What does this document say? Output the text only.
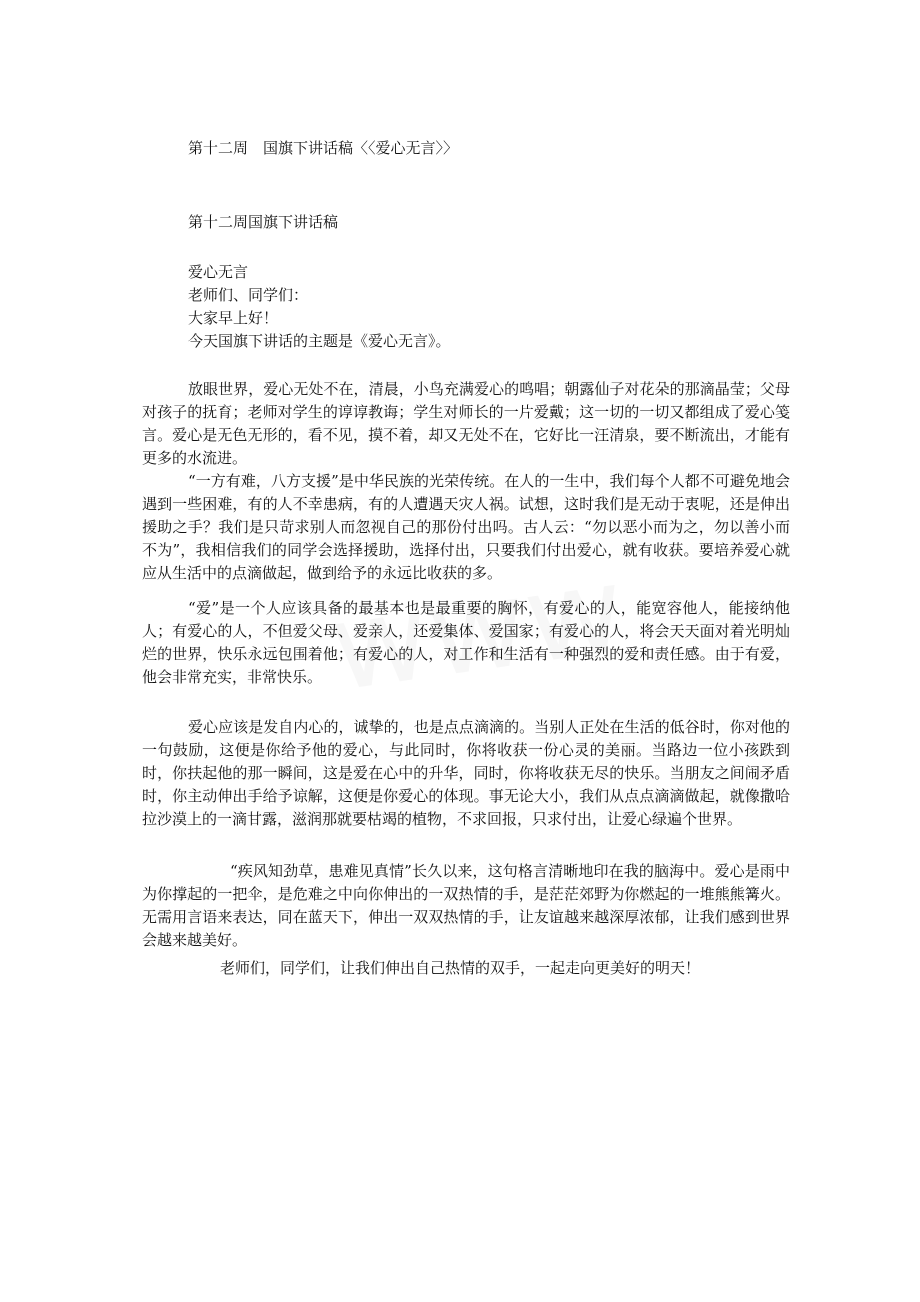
第十二周　国旗下讲话稿〈〈爱心无言〉〉
第十二周国旗下讲话稿
爱心无言
老师们、同学们：
大家早上好！
今天国旗下讲话的主题是《爱心无言》。

放眼世界，爱心无处不在，清晨，小鸟充满爱心的鸣唱；朝露仙子对花朵的那滴晶莹；父母对孩子的抚育；老师对学生的谆谆教诲；学生对师长的一片爱戴；这一切的一切又都组成了爱心笺言。爱心是无色无形的，看不见，摸不着，却又无处不在，它好比一汪清泉，要不断流出，才能有更多的水流进。

“一方有难，八方支援”是中华民族的光荣传统。在人的一生中，我们每个人都不可避免地会遇到一些困难，有的人不幸患病，有的人遭遇天灾人祸。试想，这时我们是无动于衷呢，还是伸出援助之手？我们是只苛求别人而忽视自己的那份付出吗。古人云：“勿以恶小而为之，勿以善小而不为”，我相信我们的同学会选择援助，选择付出，只要我们付出爱心，就有收获。要培养爱心就应从生活中的点滴做起，做到给予的永远比收获的多。

“爱”是一个人应该具备的最基本也是最重要的胸怀，有爱心的人，能宽容他人，能接纳他人；有爱心的人，不但爱父母、爱亲人，还爱集体、爱国家；有爱心的人，将会天天面对着光明灿烂的世界，快乐永远包围着他；有爱心的人，对工作和生活有一种强烈的爱和责任感。由于有爱，他会非常充实，非常快乐。

爱心应该是发自内心的，诚挚的，也是点点滴滴的。当别人正处在生活的低谷时，你对他的一句鼓励，这便是你给予他的爱心，与此同时，你将收获一份心灵的美丽。当路边一位小孩跌到时，你扶起他的那一瞬间，这是爱在心中的升华，同时，你将收获无尽的快乐。当朋友之间闹矛盾时，你主动伸出手给予谅解，这便是你爱心的体现。事无论大小，我们从点点滴滴做起，就像撒哈拉沙漠上的一滴甘露，滋润那就要枯竭的植物，不求回报，只求付出，让爱心绿遍个世界。

“疾风知劲草，患难见真情”长久以来，这句格言清晰地印在我的脑海中。爱心是雨中为你撑起的一把伞，是危难之中向你伸出的一双热情的手，是茫茫郊野为你燃起的一堆熊熊篝火。无需用言语来表达，同在蓝天下，伸出一双双热情的手，让友谊越来越深厚浓郁，让我们感到世界会越来越美好。

老师们，同学们，让我们伸出自己热情的双手，一起走向更美好的明天！
